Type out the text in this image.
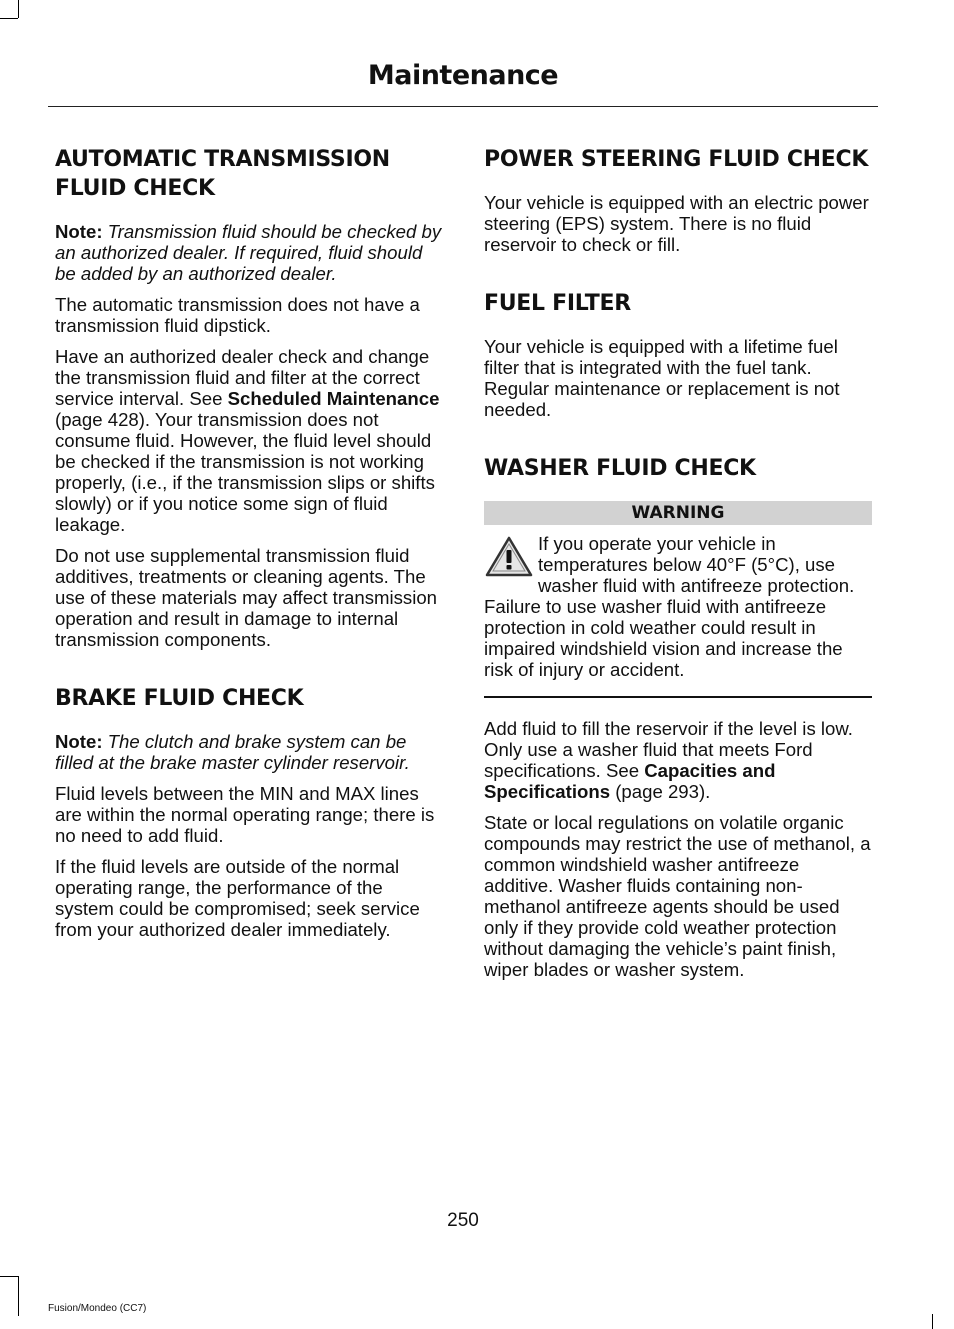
Maintenance
AUTOMATIC TRANSMISSION FLUID CHECK

Note: Transmission fluid should be checked by an authorized dealer. If required, fluid should be added by an authorized dealer.

The automatic transmission does not have a transmission fluid dipstick.

Have an authorized dealer check and change the transmission fluid and filter at the correct service interval. See Scheduled Maintenance (page 428). Your transmission does not consume fluid. However, the fluid level should be checked if the transmission is not working properly, (i.e., if the transmission slips or shifts slowly) or if you notice some sign of fluid leakage.

Do not use supplemental transmission fluid additives, treatments or cleaning agents. The use of these materials may affect transmission operation and result in damage to internal transmission components.

BRAKE FLUID CHECK

Note: The clutch and brake system can be filled at the brake master cylinder reservoir.

Fluid levels between the MIN and MAX lines are within the normal operating range; there is no need to add fluid.

If the fluid levels are outside of the normal operating range, the performance of the system could be compromised; seek service from your authorized dealer immediately.

POWER STEERING FLUID CHECK

Your vehicle is equipped with an electric power steering (EPS) system. There is no fluid reservoir to check or fill.

FUEL FILTER

Your vehicle is equipped with a lifetime fuel filter that is integrated with the fuel tank. Regular maintenance or replacement is not needed.

WASHER FLUID CHECK
WARNING

If you operate your vehicle in temperatures below 40°F (5°C), use washer fluid with antifreeze protection. Failure to use washer fluid with antifreeze protection in cold weather could result in impaired windshield vision and increase the risk of injury or accident.

Add fluid to fill the reservoir if the level is low. Only use a washer fluid that meets Ford specifications. See Capacities and Specifications (page 293).

State or local regulations on volatile organic compounds may restrict the use of methanol, a common windshield washer antifreeze additive. Washer fluids containing non-methanol antifreeze agents should be used only if they provide cold weather protection without damaging the vehicle’s paint finish, wiper blades or washer system.

250
Fusion/Mondeo (CC7)
